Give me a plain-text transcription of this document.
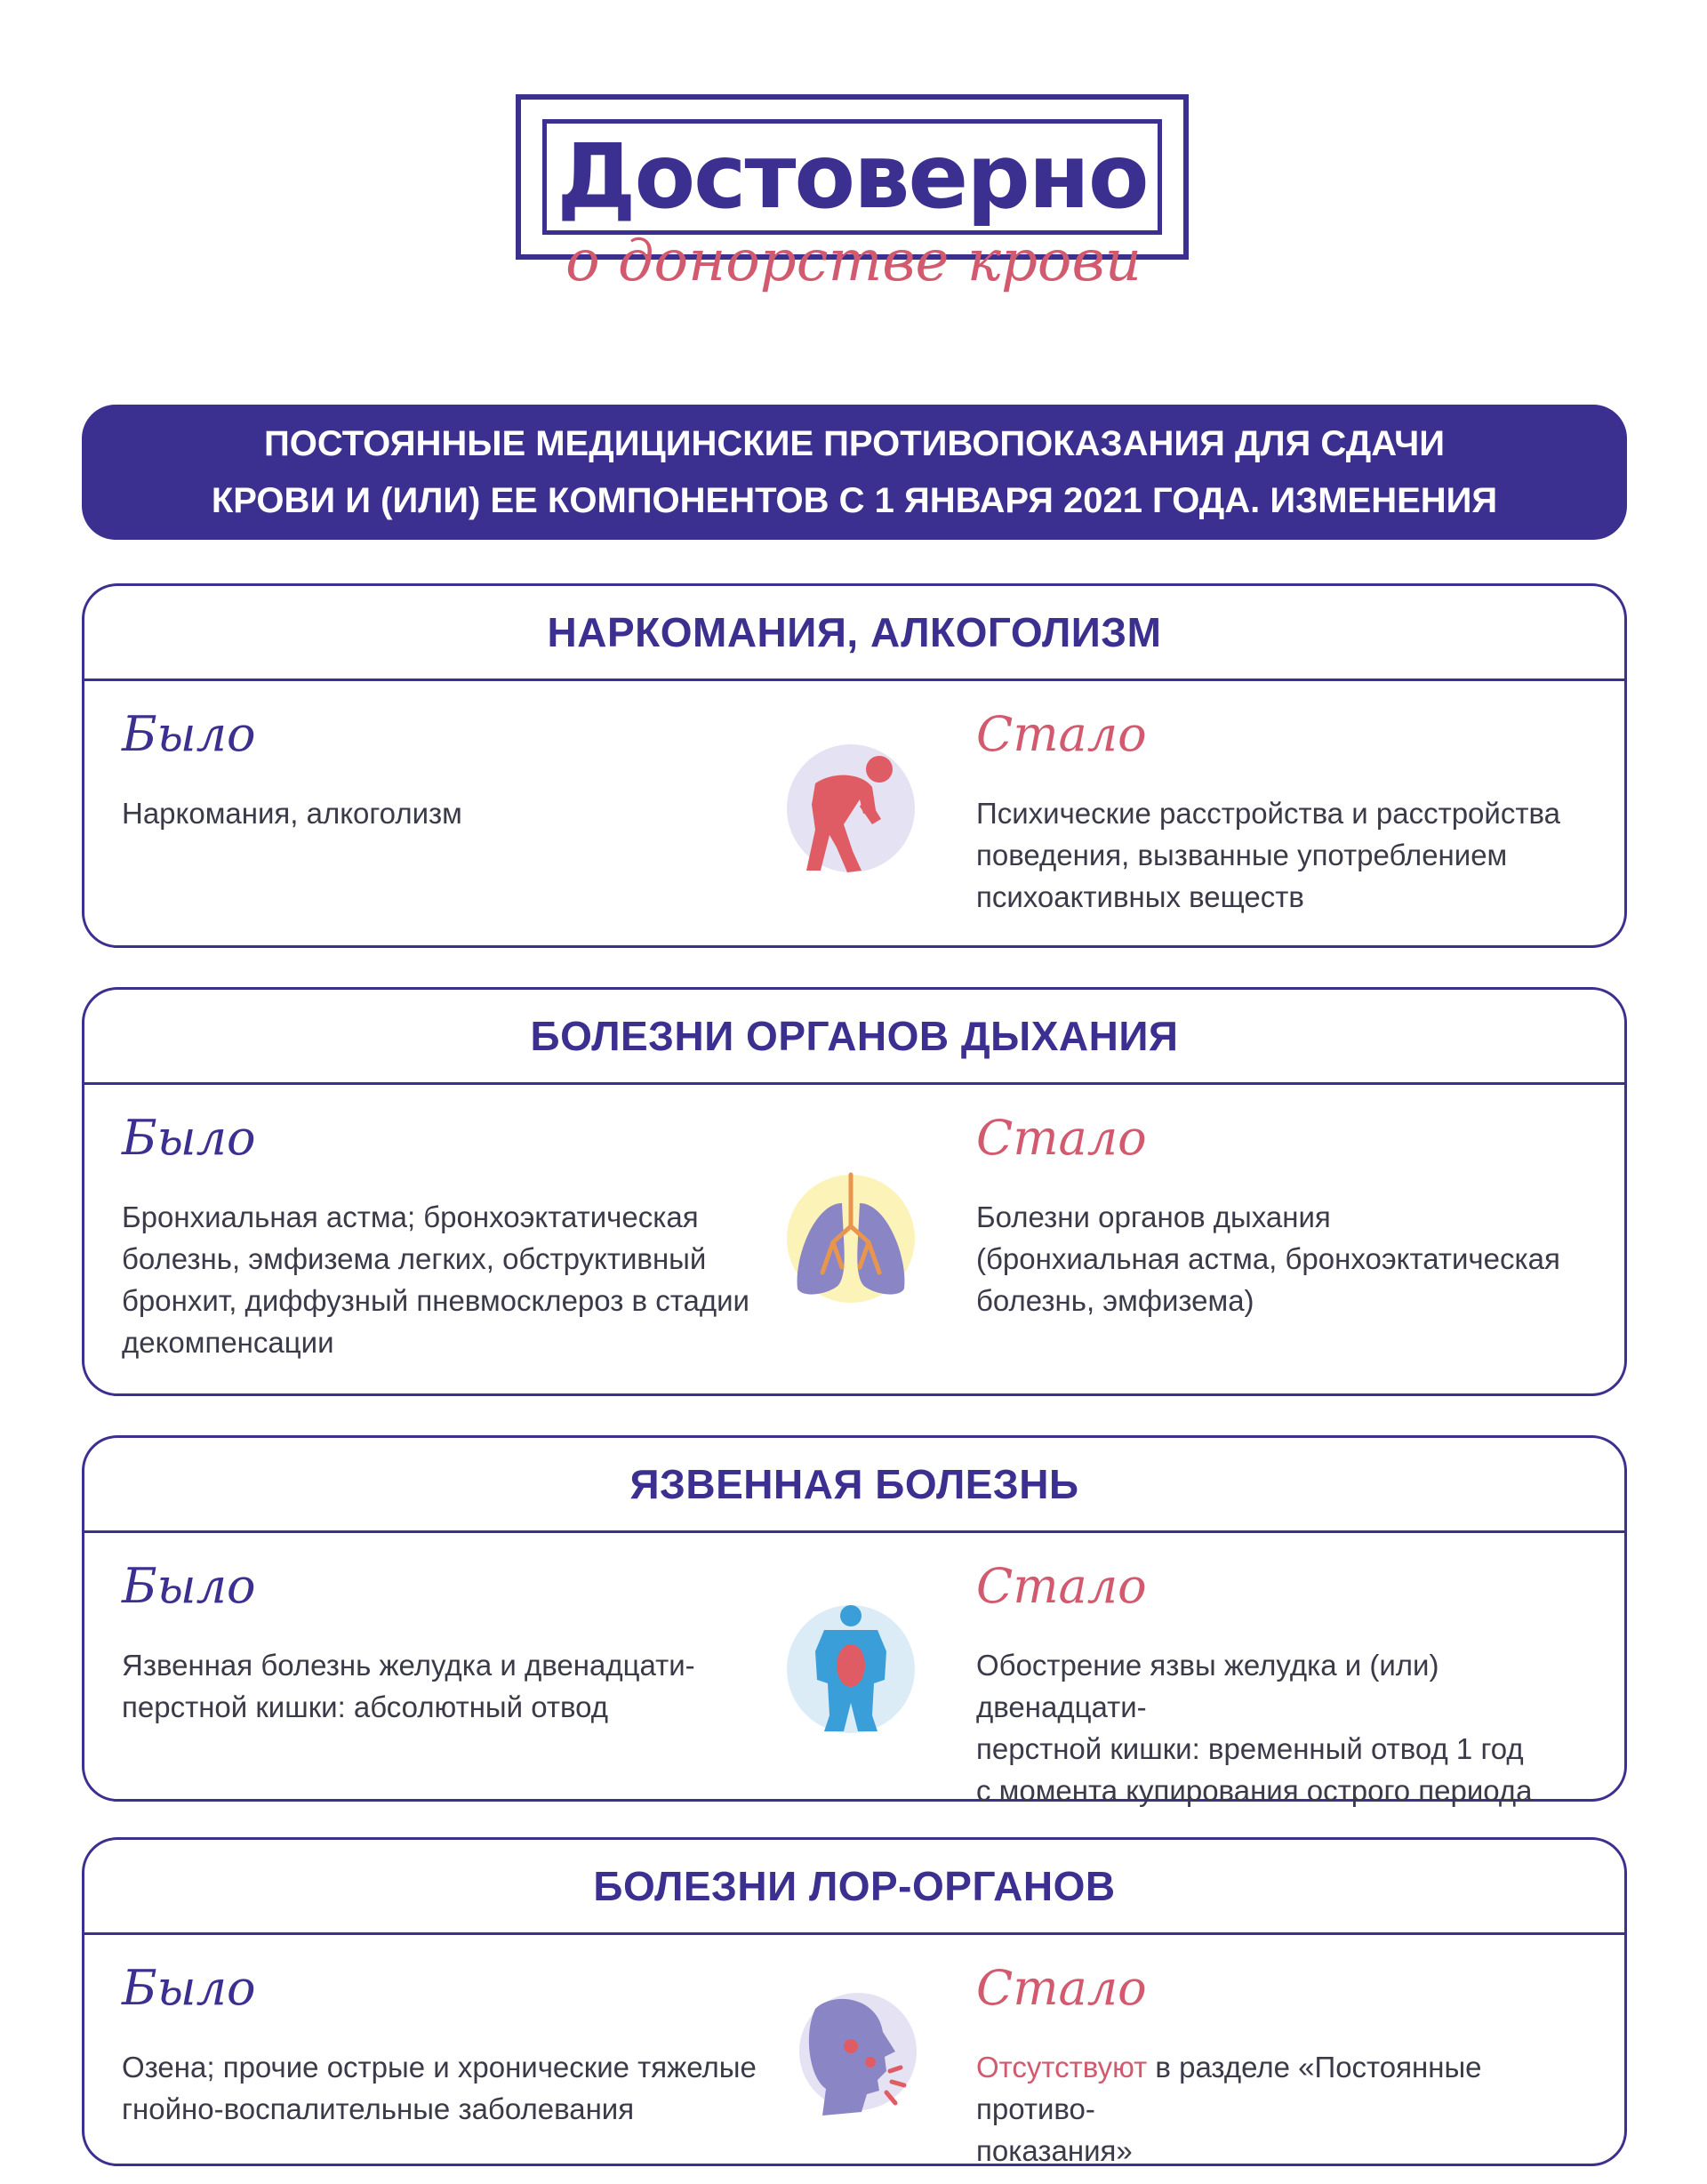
Достоверно
о донорстве крови
ПОСТОЯННЫЕ МЕДИЦИНСКИЕ ПРОТИВОПОКАЗАНИЯ ДЛЯ СДАЧИ
КРОВИ И (ИЛИ) ЕЕ КОМПОНЕНТОВ С 1 ЯНВАРЯ 2021 ГОДА. ИЗМЕНЕНИЯ
НАРКОМАНИЯ, АЛКОГОЛИЗМ
Было	Стало
Наркомания, алкоголизм	Психические расстройства и расстройства
поведения, вызванные употреблением
психоактивных веществ
БОЛЕЗНИ ОРГАНОВ ДЫХАНИЯ
Было	Стало
Бронхиальная астма; бронхоэктатическая
болезнь, эмфизема легких, обструктивный
бронхит, диффузный пневмосклероз в стадии
декомпенсации
Болезни органов дыхания
(бронхиальная астма, бронхоэктатическая
болезнь, эмфизема)
ЯЗВЕННАЯ БОЛЕЗНЬ
Было	Стало
Язвенная болезнь желудка и двенадцати-
перстной кишки: абсолютный отвод
Обострение язвы желудка и (или) двенадцати-
перстной кишки: временный отвод 1 год
с момента купирования острого периода
БОЛЕЗНИ ЛОР-ОРГАНОВ
Было	Стало
Озена; прочие острые и хронические тяжелые
гнойно-воспалительные заболевания
Отсутствуют в разделе «Постоянные противо-
показания»
